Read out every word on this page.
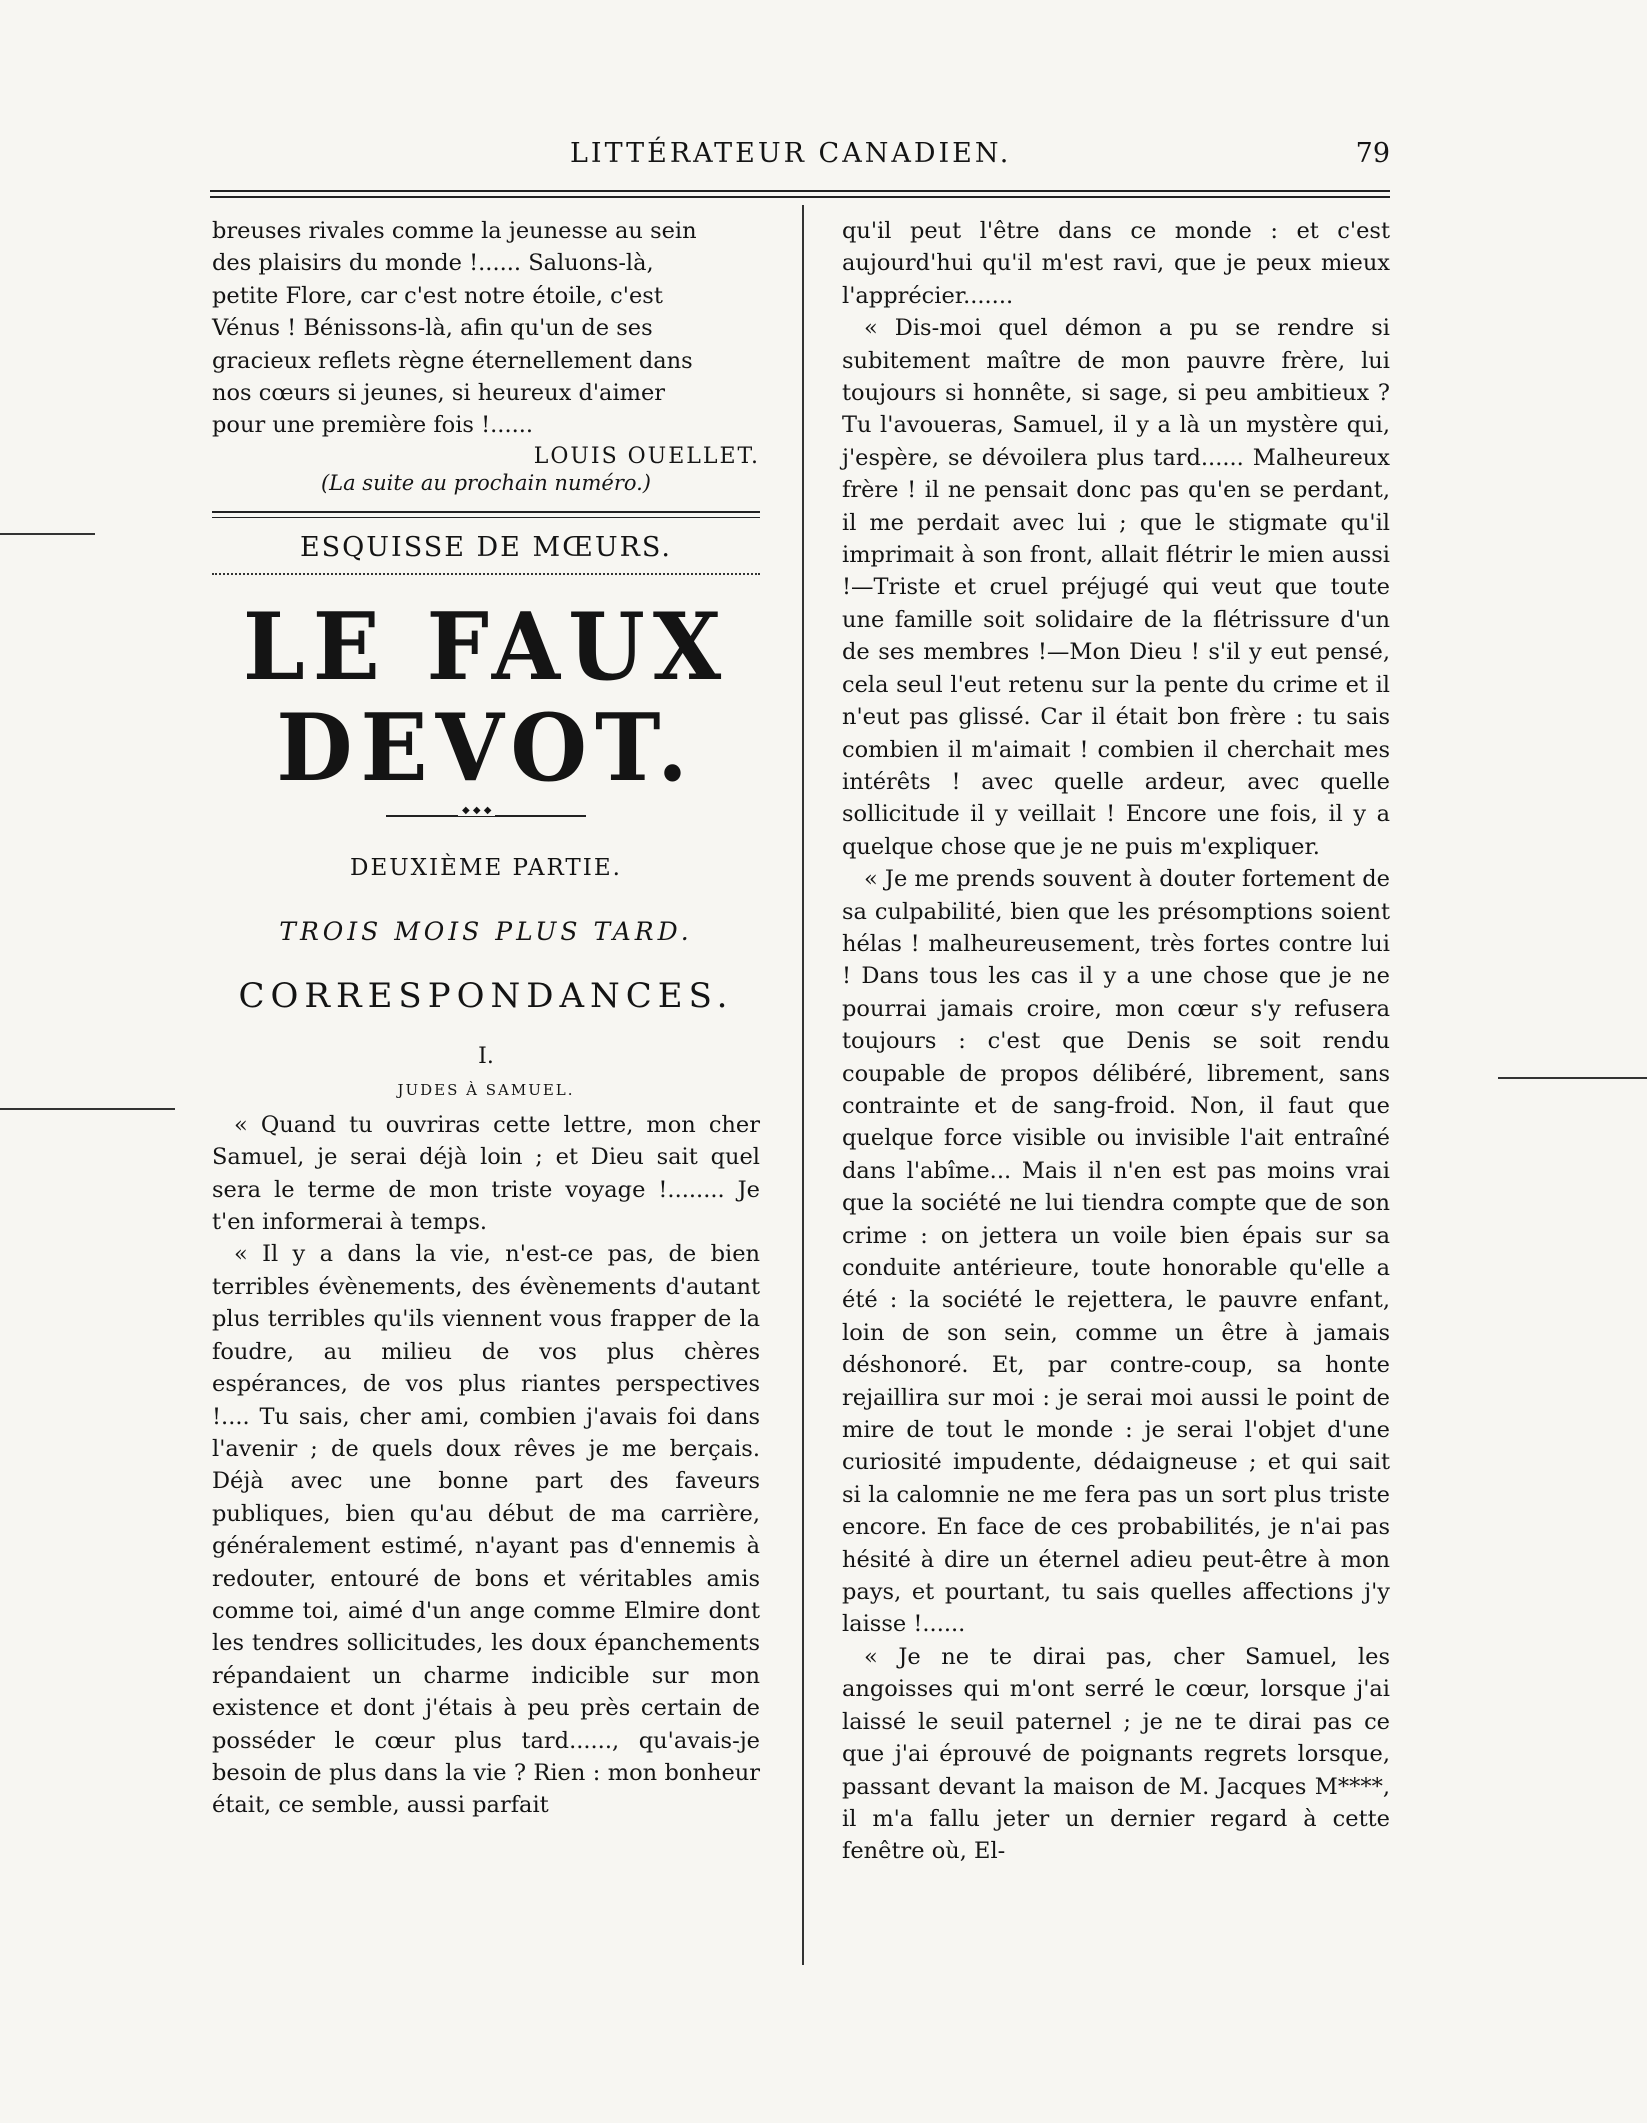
LITTÉRATEUR CANADIEN.	79

breuses rivales comme la jeunesse au sein

des plaisirs du monde !...... Saluons-là,

petite Flore, car c'est notre étoile, c'est

Vénus ! Bénissons-là, afin qu'un de ses

gracieux reflets règne éternellement dans

nos cœurs si jeunes, si heureux d'aimer

pour une première fois !......

LOUIS OUELLET.
(La suite au prochain numéro.)
ESQUISSE DE MŒURS.
LE FAUX DEVOT.
◆ ◆ ◆
DEUXIÈME PARTIE.
TROIS MOIS PLUS TARD.
CORRESPONDANCES.
I.
JUDES À SAMUEL.

« Quand tu ouvriras cette lettre, mon cher Samuel, je serai déjà loin ; et Dieu sait quel sera le terme de mon triste voyage !........ Je t'en informerai à temps.

« Il y a dans la vie, n'est-ce pas, de bien terribles évènements, des évènements d'autant plus terribles qu'ils viennent vous frapper de la foudre, au milieu de vos plus chères espérances, de vos plus riantes perspectives !.... Tu sais, cher ami, combien j'avais foi dans l'avenir ; de quels doux rêves je me berçais. Déjà avec une bonne part des faveurs publiques, bien qu'au début de ma carrière, généralement estimé, n'ayant pas d'ennemis à redouter, entouré de bons et véritables amis comme toi, aimé d'un ange comme Elmire dont les tendres sollicitudes, les doux épanchements répandaient un charme indicible sur mon existence et dont j'étais à peu près certain de posséder le cœur plus tard......, qu'avais-je besoin de plus dans la vie ? Rien : mon bonheur était, ce semble, aussi parfait

qu'il peut l'être dans ce monde : et c'est aujourd'hui qu'il m'est ravi, que je peux mieux l'apprécier.......

« Dis-moi quel démon a pu se rendre si subitement maître de mon pauvre frère, lui toujours si honnête, si sage, si peu ambitieux ? Tu l'avoueras, Samuel, il y a là un mystère qui, j'espère, se dévoilera plus tard...... Malheureux frère ! il ne pensait donc pas qu'en se perdant, il me perdait avec lui ; que le stigmate qu'il imprimait à son front, allait flétrir le mien aussi !—Triste et cruel préjugé qui veut que toute une famille soit solidaire de la flétrissure d'un de ses membres !—Mon Dieu ! s'il y eut pensé, cela seul l'eut retenu sur la pente du crime et il n'eut pas glissé. Car il était bon frère : tu sais combien il m'aimait ! combien il cherchait mes intérêts ! avec quelle ardeur, avec quelle sollicitude il y veillait ! Encore une fois, il y a quelque chose que je ne puis m'expliquer.

« Je me prends souvent à douter fortement de sa culpabilité, bien que les présomptions soient hélas ! malheureusement, très fortes contre lui ! Dans tous les cas il y a une chose que je ne pourrai jamais croire, mon cœur s'y refusera toujours : c'est que Denis se soit rendu coupable de propos délibéré, librement, sans contrainte et de sang-froid. Non, il faut que quelque force visible ou invisible l'ait entraîné dans l'abîme... Mais il n'en est pas moins vrai que la société ne lui tiendra compte que de son crime : on jettera un voile bien épais sur sa conduite antérieure, toute honorable qu'elle a été : la société le rejettera, le pauvre enfant, loin de son sein, comme un être à jamais déshonoré. Et, par contre-coup, sa honte rejaillira sur moi : je serai moi aussi le point de mire de tout le monde : je serai l'objet d'une curiosité impudente, dédaigneuse ; et qui sait si la calomnie ne me fera pas un sort plus triste encore. En face de ces probabilités, je n'ai pas hésité à dire un éternel adieu peut-être à mon pays, et pourtant, tu sais quelles affections j'y laisse !......

« Je ne te dirai pas, cher Samuel, les angoisses qui m'ont serré le cœur, lorsque j'ai laissé le seuil paternel ; je ne te dirai pas ce que j'ai éprouvé de poignants regrets lorsque, passant devant la maison de M. Jacques M****, il m'a fallu jeter un dernier regard à cette fenêtre où, El-
